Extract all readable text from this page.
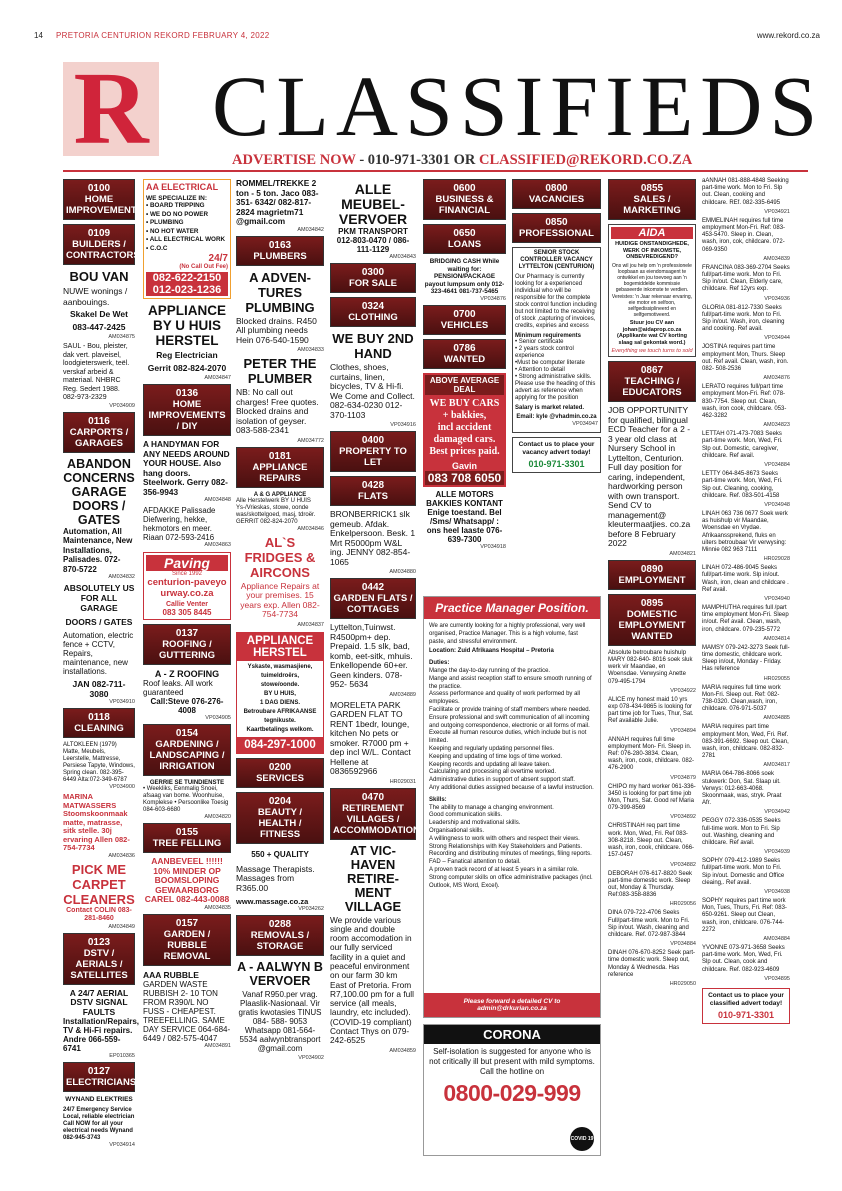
14 PRETORIA CENTURION REKORD FEBRUARY 4, 2022	www.rekord.co.za
R CLASSIFIEDS
ADVERTISE NOW - 010-971-3301 OR CLASSIFIED@REKORD.CO.ZA
0100
HOME IMPROVEMENTS
0109
BUILDERS / CONTRACTORS
BOU VAN
NUWE wonings / aanbouings.
Skakel De Wet
083-447-2425
AM034875
SAUL - Bou, pleister, dak vert. plaveisel, loodgieterswerk, teël. verskaf arbeid & materiaal. NHBRC Reg. Sedert 1988. 082-973-2329
VP034909
0116
CARPORTS / GARAGES
ABANDON CONCERNS GARAGE DOORS / GATES
Automation, All Maintenance, New Installations, Palisades. 072-870-5722
AM034832
ABSOLUTELY US FOR ALL GARAGE
DOORS / GATES
Automation, electric fence + CCTV, Repairs, maintenance, new installations.
JAN 082-711- 3080
VP034910
0118
CLEANING
ALTOKLEEN (1979) Matte, Meubels, Leerstelle, Mattresse, Persiese Tapyte, Windows, Spring clean. 082-395-6449 Alta:072-349-6787
VP034900
MARINA MATWASSERS Stoomskoonmaak matte, matrasse, sitk stelle. 30j ervaring Allen 082-754-7734
AM034836
PICK ME CARPET CLEANERS
Contact COLIN 083-281-8460
AM034849
0123
DSTV / AERIALS / SATELLITES
A 24/7 AERIAL DSTV SIGNAL FAULTS
Installation/Repairs, TV & Hi-Fi repairs. Andre 066-559-6741
EP010365
0127
ELECTRICIANS
WYNAND ELEKTRIES
24/7 Emergency Service Local, reliable electrician Call NOW for all your electrical needs Wynand 082-945-3743
VP034914
AA ELECTRICAL
WE SPECIALIZE IN:
• BOARD TRIPPING
• WE DO NO POWER
• PLUMBING
• NO HOT WATER
• ALL ELECTRICAL WORK
• C.O.C
24/7
(No Call Out Fee)
082-622-2150
012-023-1236
APPLIANCE BY U HUIS HERSTEL
Reg Electrician
Gerrit 082-824-2070
AM034847
0136
HOME IMPROVEMENTS / DIY
A HANDYMAN FOR ANY NEEDS AROUND YOUR HOUSE. Also hang doors. Steelwork. Gerry 082-356-9943
AM034848
AFDAKKE Palissade Diefwering, hekke, hekmotors en meer. Riaan 072-593-2416
AM034863
Paving
Since 1992
centurion-paveyourway.co.za
Callie Venter
083 305 8445
0137
ROOFING / GUTTERING
A - Z ROOFING
Roof leaks. All work guaranteed
Call:Steve 076-276-4008
VP034905
0154
GARDENING / LANDSCAPING / IRRIGATION
GERRIE SE TUINDIENSTE
• Weekliks, Eenmalig Snoei, afsaag van bome. Woonhuise, Komplekse • Persoonlike Toesig 084-603-6680
AM034820
0155
TREE FELLING
AANBEVEEL !!!!!! 10% MINDER OP BOOMSLOPING GEWAARBORG CAREL 082-443-0088
AM034835
0157
GARDEN / RUBBLE REMOVAL
AAA RUBBLE
GARDEN WASTE RUBBISH 2- 10 TON FROM R390/L NO FUSS - CHEAPEST. TREEFELLING. SAME DAY SERVICE 064-684-6449 / 082-575-4047
AM034891
ROMMEL/TREKKE 2 ton - 5 ton. Jaco 083-351- 6342/ 082-817-2824 magrietm71 @gmail.com
AM034842
0163
PLUMBERS
A ADVEN-TURES PLUMBING
Blocked drains. R450 All plumbing needs Hein 076-540-1590
AM034833
PETER THE PLUMBER
NB: No call out charges! Free quotes. Blocked drains and isolation of geyser. 083-588-2341
AM034772
0181
APPLIANCE REPAIRS
A & G APPLIANCE
Alle Herstelwerk BY U HUIS Ys-/Vrieskas, stowe, oonde was/skottelgoed, masj, tdroër. GERRIT 082-824-2070
AM034846
AL`S FRIDGES & AIRCONS
Appliance Repairs at your premises. 15 years exp. Allen 082-754-7734
AM034837
APPLIANCE HERSTEL
Yskaste, wasmasjiene,
tuimeldroërs,
stowe/oonde.
BY U HUIS,
1 DAG DIENS.
Betroubare AFRIKAANSE tegnikuste.
Kaartbetalings welkom.
084-297-1000
0200
SERVICES
0204
BEAUTY / HEALTH / FITNESS
550 + QUALITY
Massage Therapists. Massages from R365.00
www.massage.co.za
VP034262
0288
REMOVALS / STORAGE
A - AALWYN B VERVOER
Vanaf R950.per vrag. Plaaslik-Nasionaal. Vir gratis kwotasies TINUS 084- 588- 9053 Whatsapp 081-564- 5534 aalwynbtransport @gmail.com
VP034902
ALLE MEUBEL-VERVOER
PKM TRANSPORT
012-803-0470 / 086-111-1129
AM034843
0300
FOR SALE
0324
CLOTHING
WE BUY 2ND HAND
Clothes, shoes, curtains, linen, bicycles, TV & Hi-fi. We Come and Collect. 082-634-0230 012-370-1103
VP034916
0400
PROPERTY TO LET
0428
FLATS
BRONBERRICK1 slk gemeub. Afdak. Enkelpersoon. Besk. 1 Mrt R5000pm W&L ing. JENNY 082-854-1065
AM034880
0442
GARDEN FLATS / COTTAGES
Lyttelton,Tuinwst. R4500pm+ dep. Prepaid. 1.5 slk, bad, komb, eet-sitk, mhuis. Enkellopende 60+er. Geen kinders. 078-952- 5634
AM034889
MORELETA PARK GARDEN FLAT TO RENT 1bedr, lounge, kitchen No pets or smoker. R7000 pm + dep incl W/L. Contact Hellene at 0836592966
HR029031
0470
RETIREMENT VILLAGES / ACCOMMODATION
AT VIC-HAVEN RETIRE-MENT VILLAGE
We provide various single and double room accomodation in our fully serviced facility in a quiet and peaceful environment on our farm 30 km East of Pretoria. From R7,100.00 pm for a full service (all meals, laundry, etc included). (COVID-19 compliant) Contact Thys on 079-242-6525
AM034859
0600
BUSINESS & FINANCIAL
0650
LOANS
BRIDGING CASH While waiting for: PENSION/PACKAGE payout lumpsum only 012-323-4641 081-737-5465
VP034876
0700
VEHICLES
0786
WANTED
ABOVE AVERAGE DEAL
WE BUY CARS
+ bakkies,
incl accident
damaged cars.
Best prices paid.
Gavin
083 708 6050
ALLE MOTORS BAKKIES KONTANT Enige toestand. Bel /Sms/ Whatsapp/ : ons heel laaste 076-639-7300
VP034918
0800
VACANCIES
0850
PROFESSIONAL
SENIOR STOCK CONTROLLER VACANCY LYTTELTON (CENTURION)
Our Pharmacy is currently looking for a experienced individual who will be responsible for the complete stock control function including but not limited to the receiving of stock ,capturing of invoices, credits, expiries and excess
Minimum requirements
• Senior certificate
• 2 years stock control experience
•Must be computer literate
• Attention to detail
• Strong administrative skills.
Please use the heading of this advert as reference when applying for the position
Salary is market related.
Email: kyle @vhadmin.co.za
VP034947
Contact us to place your vacancy advert today!
010-971-3301
Practice Manager Position.
We are currently looking for a highly professional, very well organised, Practice Manager. This is a high volume, fast paste, and stressful environment.
Location: Zuid Afrikaans Hospital – Pretoria
Duties:
Mange the day-to-day running of the practice.
Mange and assist reception staff to ensure smooth running of the practice.
Assess performance and quality of work performed by all employees.
Facilitate or provide training of staff members where needed.
Ensure professional and swift communication of all incoming and outgoing correspondence, electronic or all forms of mail.
Execute all human resource duties, which include but is not limited.
Keeping and regularly updating personnel files.
Keeping and updating of time logs of time worked.
Keeping records and updating all leave taken.
Calculating and processing all overtime worked.
Administrative duties in support of absent support staff.
Any additional duties assigned because of a lawful instruction.
Skills:
The ability to manage a changing environment.
Good communication skills.
Leadership and motivational skills.
Organisational skills.
A willingness to work with others and respect their views.
Strong Relationships with Key Stakeholders and Patients.
Recording and distributing minutes of meetings, filing reports.
FAD – Fanatical attention to detail.
A proven track record of at least 5 years in a similar role.
Strong computer skills on office administrative packages (incl. Outlook, MS Word, Excel).
Please forward a detailed CV to admin@drkurian.co.za
CORONA
Self-isolation is suggested for anyone who is not critically ill but present with mild symptoms. Call the hotline on
0800-029-999
COVID 19
0855
SALES / MARKETING
AIDA
HUIDIGE ONSTANDIGHEDE, WERK OF INKOMSTE, ONBEVREDIGEND?
Ons wil jou help om 'n professionele loopbaan as eiendomsagent te ontwikkel en jou toevoeg aan 'n bogemiddelde kommissie gebaseerde inkomste te verdien. Vereistes: 'n Jaar rekenaar ervaring, eie motor en selfoon, selfgedissiplineerd en selfgemotiveerd.
Stuur jou CV aan johan@aidaprop.co.za (Applikante wat CV korting slaag sal gekontak word.)
Everything we touch turns to sold
0867
TEACHING / EDUCATORS
JOB OPPORTUNITY for qualified, bilingual ECD Teacher for a 2 - 3 year old class at Nursery School in Lyttelton, Centurion. Full day position for caring, independent, hardworking person with own transport. Send CV to management@ kleutermaatjies. co.za before 8 February 2022
AM034821
0890
EMPLOYMENT
0895
DOMESTIC EMPLOYMENT WANTED
Absolute betroubare huishulp MARY 082-640- 8016 soek sluk werk vir Maandae, en Woensdae. Verwysing Anette 079-495-1794
VP034922
ALICE my honest maid 10 yrs exp 078-434-9865 is looking for part time job for Tues, Thur, Sat. Ref available Julie.
VP034894
ANNAH requires full time employment Mon- Fri. Sleep in. Ref: 076-280-3834. Clean, wash, iron, cook, childcare. 082-476-2900
VP034879
CHIPO my hard worker 061-336-3450 is looking for part time job Mon, Thurs, Sat. Good ref Maria 079-399-8569
VP034892
CHRISTINAH req part time work. Mon, Wed, Fri. Ref 083-308-8218. Sleep out. Clean, wash, iron, cook, childcare. 066-157-0457
VP034882
DEBORAH 076-617-8820 Seek part-time domestic work. Sleep out, Monday & Thursday. Ref:083-358-8836
HR029056
DINA 079-722-4706 Seeks Full/part-time work. Mon to Fri. Sip in/out. Wash, cleaning and childcare. Ref. 072-987-3844
VP034884
DINAH 076-670-8252 Seek part-time domestic work. Sleep out, Monday & Wednesda. Has reference
HR029050
aANNAH 081-888-4848 Seeking part-time work. Mon to Fri. Slp out. Clean, cooking and childcare. REf. 082-335-6495
VP034921
EMMELINAH requires full time employment Mon-Fri. Ref: 083-453-5470. Sleep in. Clean, wash, iron, cok, childcare. 072-069-9350
AM034839
FRANCINA 083-369-2704 Seeks full/part-time work. Mon to Fri. Sip in/out. Clean, Elderly care, childcare. Ref 12yrs exp.
VP034936
GLORIA 081-812-7330 Seeks full/part-time work. Mon to Fri. Sip in/out. Wash, iron, cleaning and cooking. Ref avail.
VP034944
JOSTINA requires part time employment Mon, Thurs. Sleep out. Ref avail. Clean, wash, iron. 082- 508-2536
AM034876
LERATO requires full/part time employment Mon-Fri. Ref: 078-830-7754. Sleep out. Clean, wash, iron cook, childcare. 053-462-3282
AM034823
LETTAH 071-473-7083 Seeks part-time work. Mon, Wed, Fri. Slp out. Domestic, caregiver, childcare. Ref avail.
VP034884
LETTY 064-845-8673 Seeks part-time work. Mon, Wed, Fri. Sip out. Cleaning, cooking, childcare. Ref. 083-501-4158
VP034948
LINAH 063 736 0677 Soek werk as huishulp vir Maandae, Woensdae en Vrydae. Afrikaanssprekend, fluks en uiters betroubaar Vir verwysing: Minnie 082 963 7111
HR029028
LINAH 072-486-9045 Seeks full/part-time work. Slp in/out. Wash, iron, clean and childcare . Ref avail.
VP034940
MAMPHUTHA requires full /part time employment Mon-Fri. Sleep in/out. Ref avail. Clean, wash, iron, childcare. 079-235-5772
AM034814
MAMSY 079-242-3273 Seek full-time domestic, childcare work. Sleep in/out, Monday - Friday. Has reference
HR029055
MARIA requires full time work Mon-Fri. Sleep out. Ref: 082-738-0320. Clean,wash, iron, childcare. 076-971-5037
AM034885
MARIA requires part time employment Mon, Wed, Fri. Ref. 083-391-6692. Sleep out. Clean, wash, iron, childcare. 082-832-2781
AM034817
MARIA 064-786-8066 soek stukwerk: Don, Sat. Slaap uit. Verwys: 012-663-4068. Skoonmaak, was, stryk. Praat Afr.
VP034942
PEGGY 072-336-0535 Seeks full-time work. Mon to Fri. Sip out. Washing, cleaning and childcare. Ref avail.
VP034939
SOPHY 079-412-1989 Seeks full/part-time work. Mon to Fri. Sip in/out. Domestic and Office cleaing,. Ref avail.
VP034938
SOPHY requires part time work Mon, Tues, Thurs, Fri. Ref: 083-650-9261. Sleep out Clean, wash, iron, childcare. 076-744-2272
AM034884
YVONNE 073-971-3658 Seeks part-time work. Mon, Wed, Fri. Slp out. Clean, cook and childcare. Ref. 082-923-4609
VP034895
Contact us to place your classified advert today!
010-971-3301
